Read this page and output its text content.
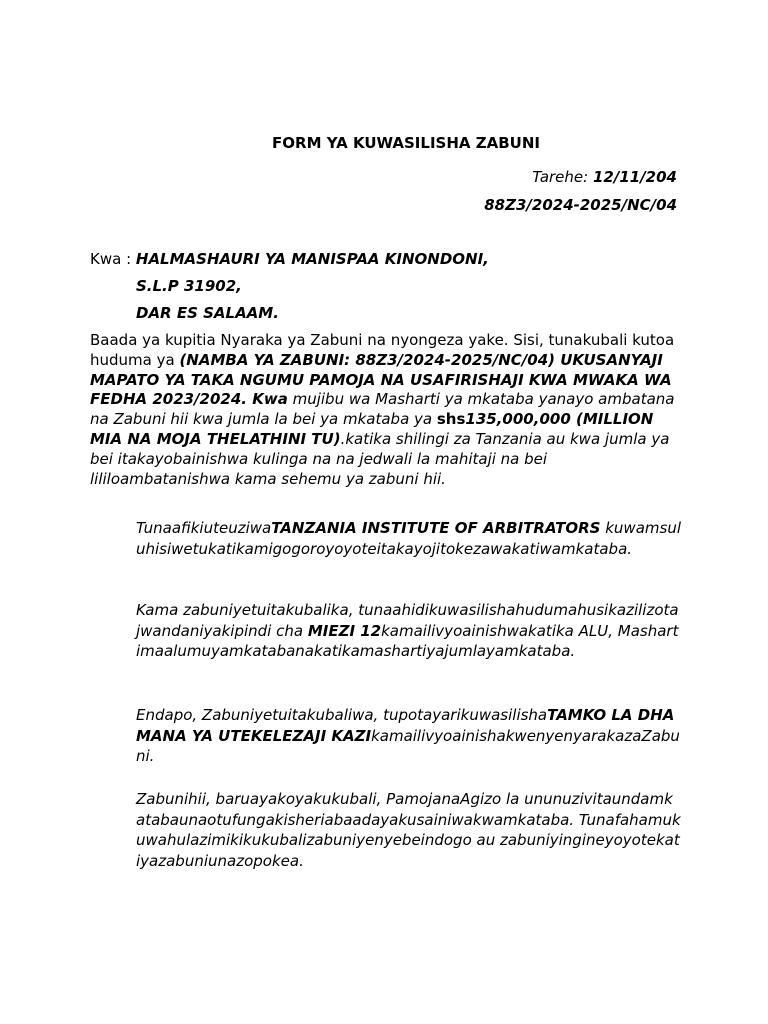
FORM YA KUWASILISHA ZABUNI
Tarehe: 12/11/204
88Z3/2024-2025/NC/04
Kwa : HALMASHAURI YA MANISPAA KINONDONI,
S.L.P 31902,
DAR ES SALAAM.
Baada ya kupitia Nyaraka ya Zabuni na nyongeza yake. Sisi, tunakubali kutoa huduma ya (NAMBA YA ZABUNI: 88Z3/2024-2025/NC/04) UKUSANYAJI MAPATO YA TAKA NGUMU PAMOJA NA USAFIRISHAJI KWA MWAKA WA FEDHA 2023/2024. Kwa mujibu wa Masharti ya mkataba yanayo ambatana na Zabuni hii kwa jumla la bei ya mkataba ya shs135,000,000 (MILLION MIA NA MOJA THELATHINI TU).katika shilingi za Tanzania au kwa jumla ya bei itakayobainishwa kulinga na na jedwali la mahitaji na bei lililoambatanishwa kama sehemu ya zabuni hii.
TunaafikiuteuziwaTANZANIA INSTITUTE OF ARBITRATORS kuwamsuluhisiwetukatikamigogoroyoyoteitakayojitokezawakatiwamkataba.
Kama zabuniyetuitakubalika, tunaahidikuwasilishahudumahusikazilizotajwandaniyakipindi cha MIEZI 12kamailivyoainishwakatika ALU, Mashartimaalumuyamkatabanakatikamashartiyajumlayamkataba.
Endapo, Zabuniyetuitakubaliwa, tupotayarikuwasilishaTAMKO LA DHAMANA YA UTEKELEZAJI KAZIkamailivyoainishakwenyenyarakazaZabuni.
Zabunihii, baruayakoyakukubali, PamojanaAgizo la ununuzivitaundamkatabaunaotufungakisheriabaadayakusainiwakwamkataba. Tunafahamukuwahulazimikikukubalizabuniyenyebeindogo au zabuniyingineyoyotekatiyazabuniunazopokea.
